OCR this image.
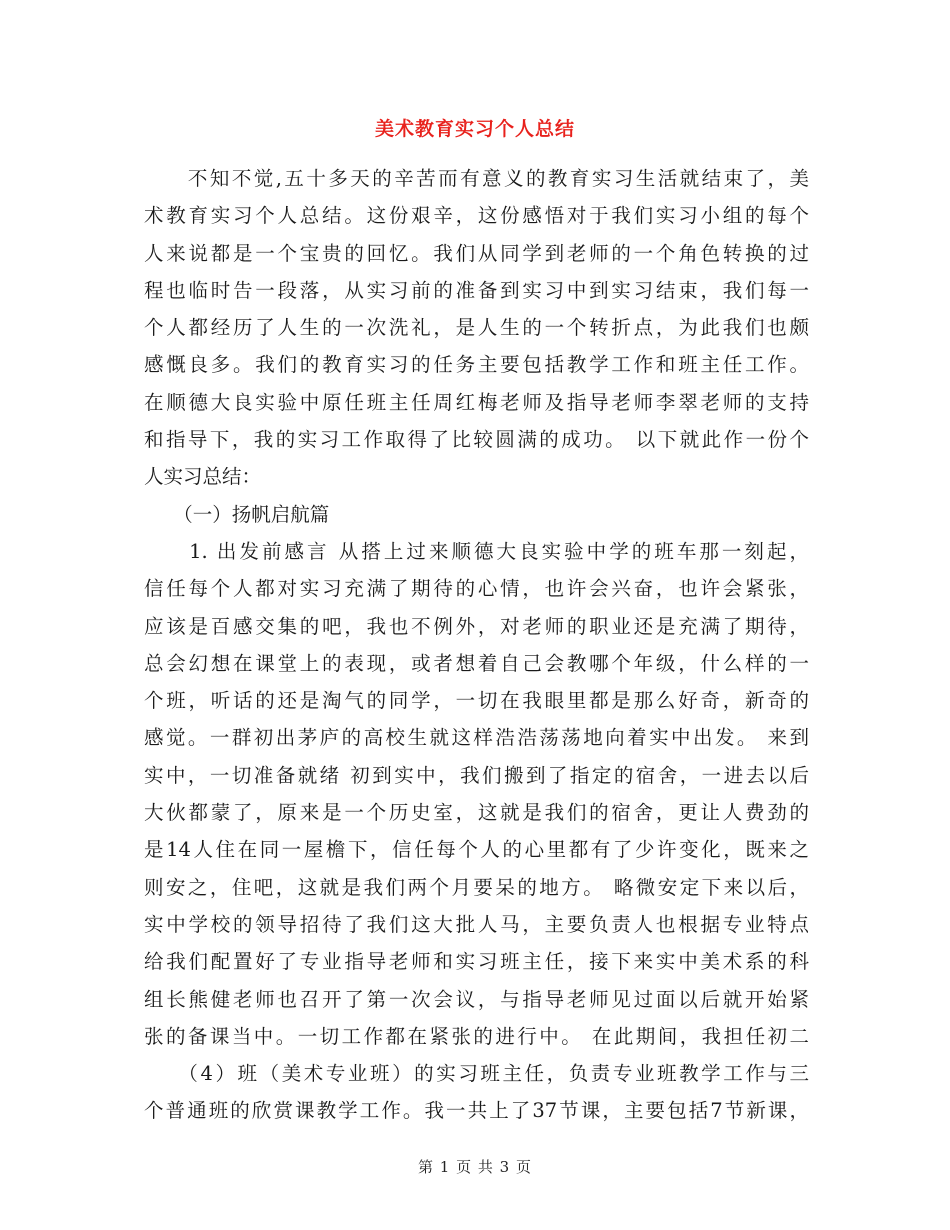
美术教育实习个人总结
　　不知不觉,五十多天的辛苦而有意义的教育实习生活就结束了，美
术教育实习个人总结。这份艰辛，这份感悟对于我们实习小组的每个
人来说都是一个宝贵的回忆。我们从同学到老师的一个角色转换的过
程也临时告一段落，从实习前的准备到实习中到实习结束，我们每一
个人都经历了人生的一次洗礼，是人生的一个转折点，为此我们也颇
感慨良多。我们的教育实习的任务主要包括教学工作和班主任工作。
在顺德大良实验中原任班主任周红梅老师及指导老师李翠老师的支持
和指导下，我的实习工作取得了比较圆满的成功。 以下就此作一份个
人实习总结：
　　（一）扬帆启航篇
　　1. 出发前感言 从搭上过来顺德大良实验中学的班车那一刻起，
信任每个人都对实习充满了期待的心情，也许会兴奋，也许会紧张，
应该是百感交集的吧，我也不例外，对老师的职业还是充满了期待，
总会幻想在课堂上的表现，或者想着自己会教哪个年级，什么样的一
个班，听话的还是淘气的同学，一切在我眼里都是那么好奇，新奇的
感觉。一群初出茅庐的高校生就这样浩浩荡荡地向着实中出发。 来到
实中，一切准备就绪 初到实中，我们搬到了指定的宿舍，一进去以后
大伙都蒙了，原来是一个历史室，这就是我们的宿舍，更让人费劲的
是14人住在同一屋檐下，信任每个人的心里都有了少许变化，既来之
则安之，住吧，这就是我们两个月要呆的地方。 略微安定下来以后，
实中学校的领导招待了我们这大批人马，主要负责人也根据专业特点
给我们配置好了专业指导老师和实习班主任，接下来实中美术系的科
组长熊健老师也召开了第一次会议，与指导老师见过面以后就开始紧
张的备课当中。一切工作都在紧张的进行中。 在此期间，我担任初二
　　（4）班（美术专业班）的实习班主任，负责专业班教学工作与三
个普通班的欣赏课教学工作。我一共上了37节课，主要包括7节新课，
第 1 页 共 3 页
